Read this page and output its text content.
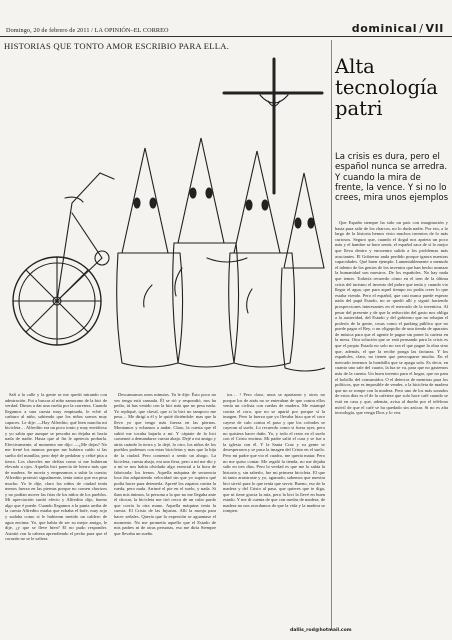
Domingo, 20 de febrero de 2011 / LA OPINIÓN–EL CORREO	dominical / VII
HISTORIAS QUE TONTO AMOR ESCRIBIO PARA ELLA.

Salí a la calle y la gente se me quedó mirando con admiración. Fui a buscar al niño zamorano de la bici de verdad. Dimos a dar una vuelta por la carretera. Cuando llegamos a una cuesta muy empinada, le eché al carburo al niño, sabiendo que los niños somos muy capaces. Le dije: —Hay Alfredito, qué bien marcha mi bicicleta… Alfredito era un poco tonto y muy envidioso y yo sabía que aunque se pescaba no dejaba ni hacía nada de nadie. Hasta que al fin le apetecía probarla. Efectivamente, al momento me dijo: —¿Me dejas? No me frené los mamos porque me hubiera caído si las suelto del manillar, pero dejé de pedalear y celtié pita a tierra. Los chaveles me defían como si me hubieran elevado a ojos. Aquella bici parecía de hierro más que de madera. Se movía y empezamos a subir la cuesta; Alfredito protestó signalmente, tenía tonto que era pesa mucho. Yo le dije, claro los niños de ciudad tenía menos fuerza en las piernas porque no comen chorizos y no podían mover las frías de los niños de los pueblos. Mi apreciación surtió efecto y Alfredito dijo, bueno algo que é puede. Cuando llegamos a la punta arriba de la cuesta Alfredito estaba que echaba el bofe, muy rojo y sudaba como si le hubieran metido un caldero de agua encima. Yo, que había de ser su mejor amigo, le dije, ¿y que se lleve bien? El no pudo responder. Asintió con la cabeza aprendiendo el pecho para que el corazón no se le saliera.

Descansamos unos minutos. Ya le dije: Ésto poco no ves tenga está cansada. Él se rió y respondió, nos ha pedio, tú has venido con la bici más que no pesa nada. Yo repliqué, que claval, que si la bici no tampoco me pesa… Me dirigí a él y le quité diciéndole: mas que la llevo yo que tengo más fuerza en las piernas. Montamos y echamos a andar. Claro, la cuesta que él subió me tocaba bajarla a mí. Y cáptate de la bici comenzó a demandarse cuesta abajo. Dejé a mi amigo y atrás cuándo la tierra y lo dejé, lo otro, los niños de los pueblos podemos con estas bicicletas y mas que la hija de la ciudad. Pero comenzó a sentir un ahogo. La bicicleta, cuesta abajo, era una fiera, pero a mí me dio y a mí se nos había olvidado algo esencial a la hora de fabricarla: los frenos. Aquella máquina de secuencia loca iba adquiriendo velocidad sin que yo supiera qué podía hacer para detenerla. Apreté los zapatos contra la rueda, pero nada. Arrimé el pie en el suelo, y nada. Si iban mis ánimos, la persona a la que no me llegaba ante el chocar, la bicicleta me tiró cerca de un cubo pardo que corría la otra mano. Aquella máquina tenía la cuesta. El Cristo de las Injurias. Allí la monja para hacer señales. Quería que la expresión se aguantase el momento. No me prometía aquello que el Estado de mis padres ni de otras personas, eso me diría Siempre que llevaba un sueño.

tos… ! Pero claro, unos se apartaron y otros no porque los de atrás no se enteraban de que contra ellos venía un ciclista con ruedas de madera. Me estampé contra el coro, que no se apartó por porque sí la imagen. Pero la fuerza que yo llevaba hizo que el coro cayese de culo contra el paso y que los cofrades se cayeran al suelo. Lo recuerdo como si fuera ayer, pero no quisiera hacer daño. Yo, y todo el resto en el suelo con el Cristo encima. Mi padre salió el cura y se fue a la iglesia con él. Y la Santa Cruz y su gente se desesperaron y se puso la imagen del Cristo en el suelo. Pero mi padre que vio el cuadro, me quería matar. Pero no me quiso contar. Me regaló la tienda, no me dejaba salir en tres días. Pero la verdad es que me lo sabía la historia y, sin saberlo, fue mi primera bicicleta. El que tú tanto arrastraste y yo, agarrado, sabemos que nuestra bici sirvió para lo que tenía que servir. Bueno, eso de la madera y del Cristo al paso, que quieres que te diga, que ni tiene gracia la mía, pero la bici la llevé en buen estado. Y me di cuenta de que con ruedas de madera, de madera no nos acordamos de que la vida y la madera se rompen.

Alta tecnología patri
La crisis es dura, pero el español nunca se arredra. Y cuando la mira de frente, la vence. Y si no lo crees, mira unos ejemplos

Que España siempre ha sido un país con imaginación y hasta para salir de los charcos, no lo duda nadie. Por eso, a lo largo de la historia hemos visto muchos inventos de lo más curiosos. Seguro que, cuando el dogal nos aprieta un poco más y el hambre se hace sentir, el español saca de sí lo mejor que lleva dentro y encuentra salida a los problemas más acuciantes. El Gobierno anda perdido porque ignora nuestras capacidades. Qué buen ejemplo. Lamentablemente a menudo el talento de los genios de los inventos que han hecho avanzar la humanidad son nuestros. De los españoles. No hay nada que temer. Todavía recuerdo cómo en el tren de la última crisis del turismo el invento del pobre que tenía y cuando vio llegar el agua, que para aquel tiempo no podía creer lo que estaba viendo. Pero el español, que casi nunca puede esperar nada del papá Estado, no se quedó allí y siguió haciendo prospecciones interesantes en el mercado de la inventiva. Al pesar del presente y de que la reducción del gasto nos obliga a la austeridad, del Estado y del gobierno que no rebajan el poderío de la gente, cosas como el parking público que no puede pagar el Rey, o un oligopolio de una tienda de aparatos de música para que el agente le pague sin poner la cartera en la mesa. Otra solución que se está pensando para la crisis es que el propio Estado no solo no sea el que pague la obra sino que, además, el que la recibe ponga las facturas. Y los españoles, claro, no tienen que preocuparse mucho. En el mercado tenemos la bombilla que se apaga sola. Es decir, en cuanto uno sale del cuarto, la luz se va, para que no gastemos más de la cuenta. Un buen invento para el hogar, que no para el bolsillo del consumidor. O el detector de mentiras para los políticos, que es imposible de vender, o la bicicleta de madera que no se rompe con la madera. Pero uno de los más sonados de estos días es el de la cafetera que solo hace café cuando se está en casa y que, además, avisa al dueño por el teléfono móvil de que el café se ha quedado sin azúcar. Si no es alta tecnología, que venga Dios y lo vea.

dallis_rod@hotmail.com
